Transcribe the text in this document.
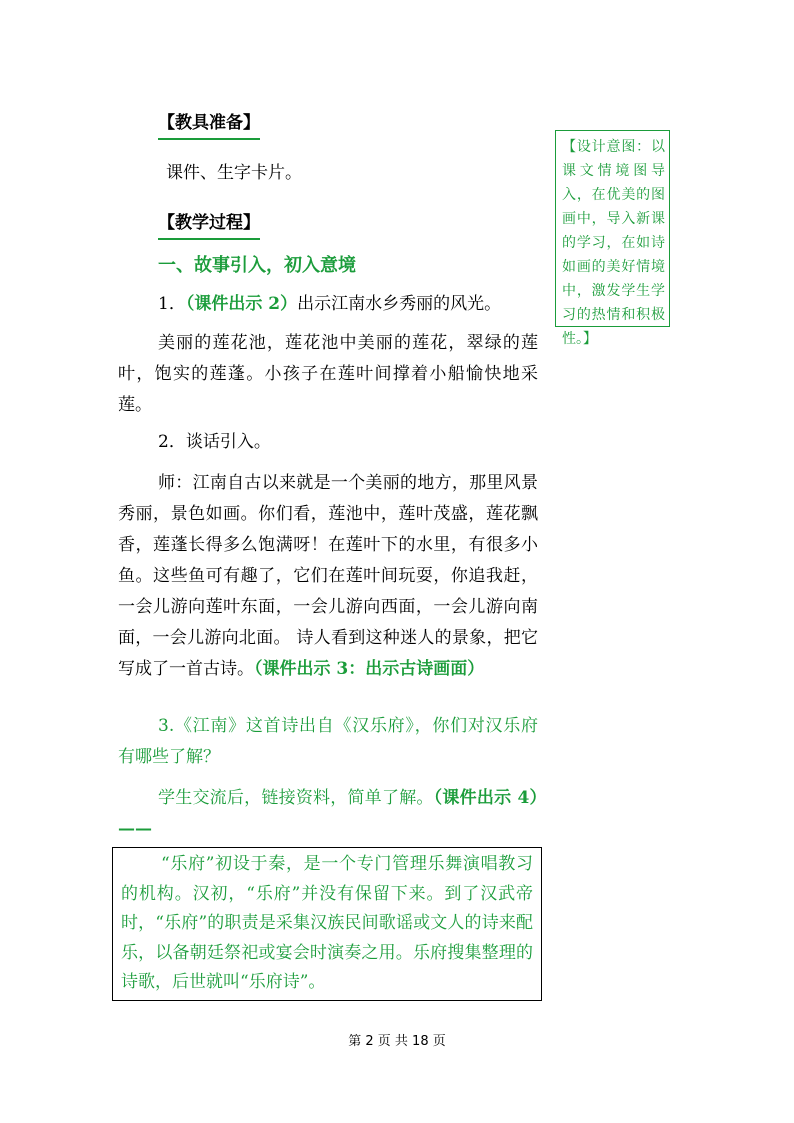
【教具准备】
课件、生字卡片。
【教学过程】
一、故事引入，初入意境
1．（课件出示 2）出示江南水乡秀丽的风光。
美丽的莲花池，莲花池中美丽的莲花，翠绿的莲叶，饱实的莲蓬。小孩子在莲叶间撑着小船愉快地采莲。
2．谈话引入。
师：江南自古以来就是一个美丽的地方，那里风景秀丽，景色如画。你们看，莲池中，莲叶茂盛，莲花飘香，莲蓬长得多么饱满呀！在莲叶下的水里，有很多小鱼。这些鱼可有趣了，它们在莲叶间玩耍，你追我赶，一会儿游向莲叶东面，一会儿游向西面，一会儿游向南面，一会儿游向北面。 诗人看到这种迷人的景象，把它写成了一首古诗。（课件出示 3：出示古诗画面）
3.《江南》这首诗出自《汉乐府》，你们对汉乐府有哪些了解？
学生交流后，链接资料，简单了解。（课件出示 4）——
“乐府”初设于秦，是一个专门管理乐舞演唱教习的机构。汉初，“乐府”并没有保留下来。到了汉武帝时，“乐府”的职责是采集汉族民间歌谣或文人的诗来配乐，以备朝廷祭祀或宴会时演奏之用。乐府搜集整理的诗歌，后世就叫“乐府诗”。
【设计意图：以课文情境图导入，在优美的图画中，导入新课的学习，在如诗如画的美好情境中，激发学生学习的热情和积极性。】
第 2 页 共 18 页
